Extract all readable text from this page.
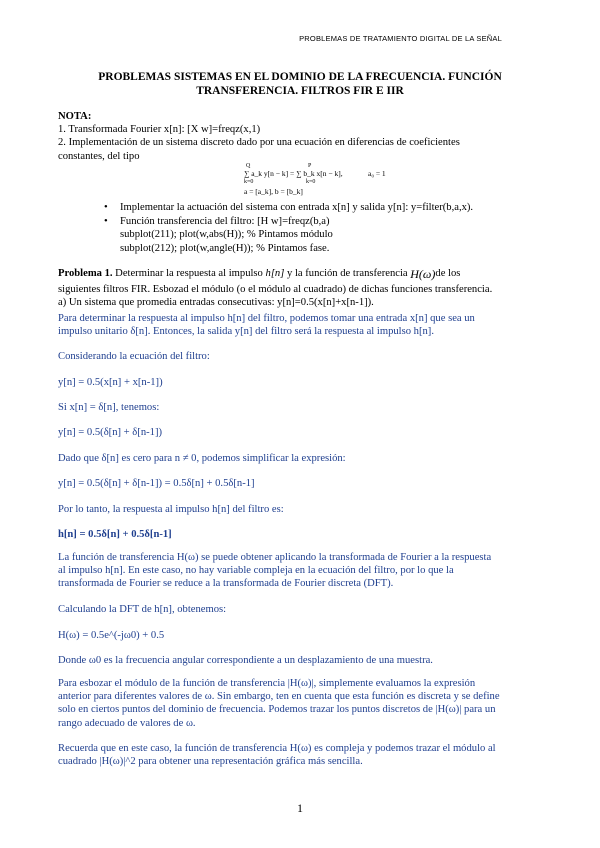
PROBLEMAS DE TRATAMIENTO DIGITAL DE LA SEÑAL
PROBLEMAS SISTEMAS EN EL DOMINIO DE LA FRECUENCIA. FUNCIÓN
TRANSFERENCIA. FILTROS FIR E IIR
NOTA:
1. Transformada Fourier x[n]: [X w]=freqz(x,1)
2. Implementación de un sistema discreto dado por una ecuación en diferencias de coeficientes
constantes, del tipo
Q	P
∑ a_k y[n − k] = ∑ b_k x[n − k],	a₀ = 1
k=0	k=0
a = [a_k], b = [b_k]
• Implementar la actuación del sistema con entrada x[n] y salida y[n]: y=filter(b,a,x).
• Función transferencia del filtro: [H w]=freqz(b,a)
subplot(211); plot(w,abs(H)); % Pintamos módulo
subplot(212); plot(w,angle(H)); % Pintamos fase.
Problema 1. Determinar la respuesta al impulso h[n] y la función de transferencia H(ω)de los
siguientes filtros FIR. Esbozad el módulo (o el módulo al cuadrado) de dichas funciones transferencia.
a) Un sistema que promedia entradas consecutivas: y[n]=0.5(x[n]+x[n-1]).
Para determinar la respuesta al impulso h[n] del filtro, podemos tomar una entrada x[n] que sea un
impulso unitario δ[n]. Entonces, la salida y[n] del filtro será la respuesta al impulso h[n].
Considerando la ecuación del filtro:
y[n] = 0.5(x[n] + x[n-1])
Si x[n] = δ[n], tenemos:
y[n] = 0.5(δ[n] + δ[n-1])
Dado que δ[n] es cero para n ≠ 0, podemos simplificar la expresión:
y[n] = 0.5(δ[n] + δ[n-1]) = 0.5δ[n] + 0.5δ[n-1]
Por lo tanto, la respuesta al impulso h[n] del filtro es:
h[n] = 0.5δ[n] + 0.5δ[n-1]
La función de transferencia H(ω) se puede obtener aplicando la transformada de Fourier a la respuesta
al impulso h[n]. En este caso, no hay variable compleja en la ecuación del filtro, por lo que la
transformada de Fourier se reduce a la transformada de Fourier discreta (DFT).
Calculando la DFT de h[n], obtenemos:
H(ω) = 0.5e^(-jω0) + 0.5
Donde ω0 es la frecuencia angular correspondiente a un desplazamiento de una muestra.
Para esbozar el módulo de la función de transferencia |H(ω)|, simplemente evaluamos la expresión
anterior para diferentes valores de ω. Sin embargo, ten en cuenta que esta función es discreta y se define
solo en ciertos puntos del dominio de frecuencia. Podemos trazar los puntos discretos de |H(ω)| para un
rango adecuado de valores de ω.
Recuerda que en este caso, la función de transferencia H(ω) es compleja y podemos trazar el módulo al
cuadrado |H(ω)|^2 para obtener una representación gráfica más sencilla.
1
